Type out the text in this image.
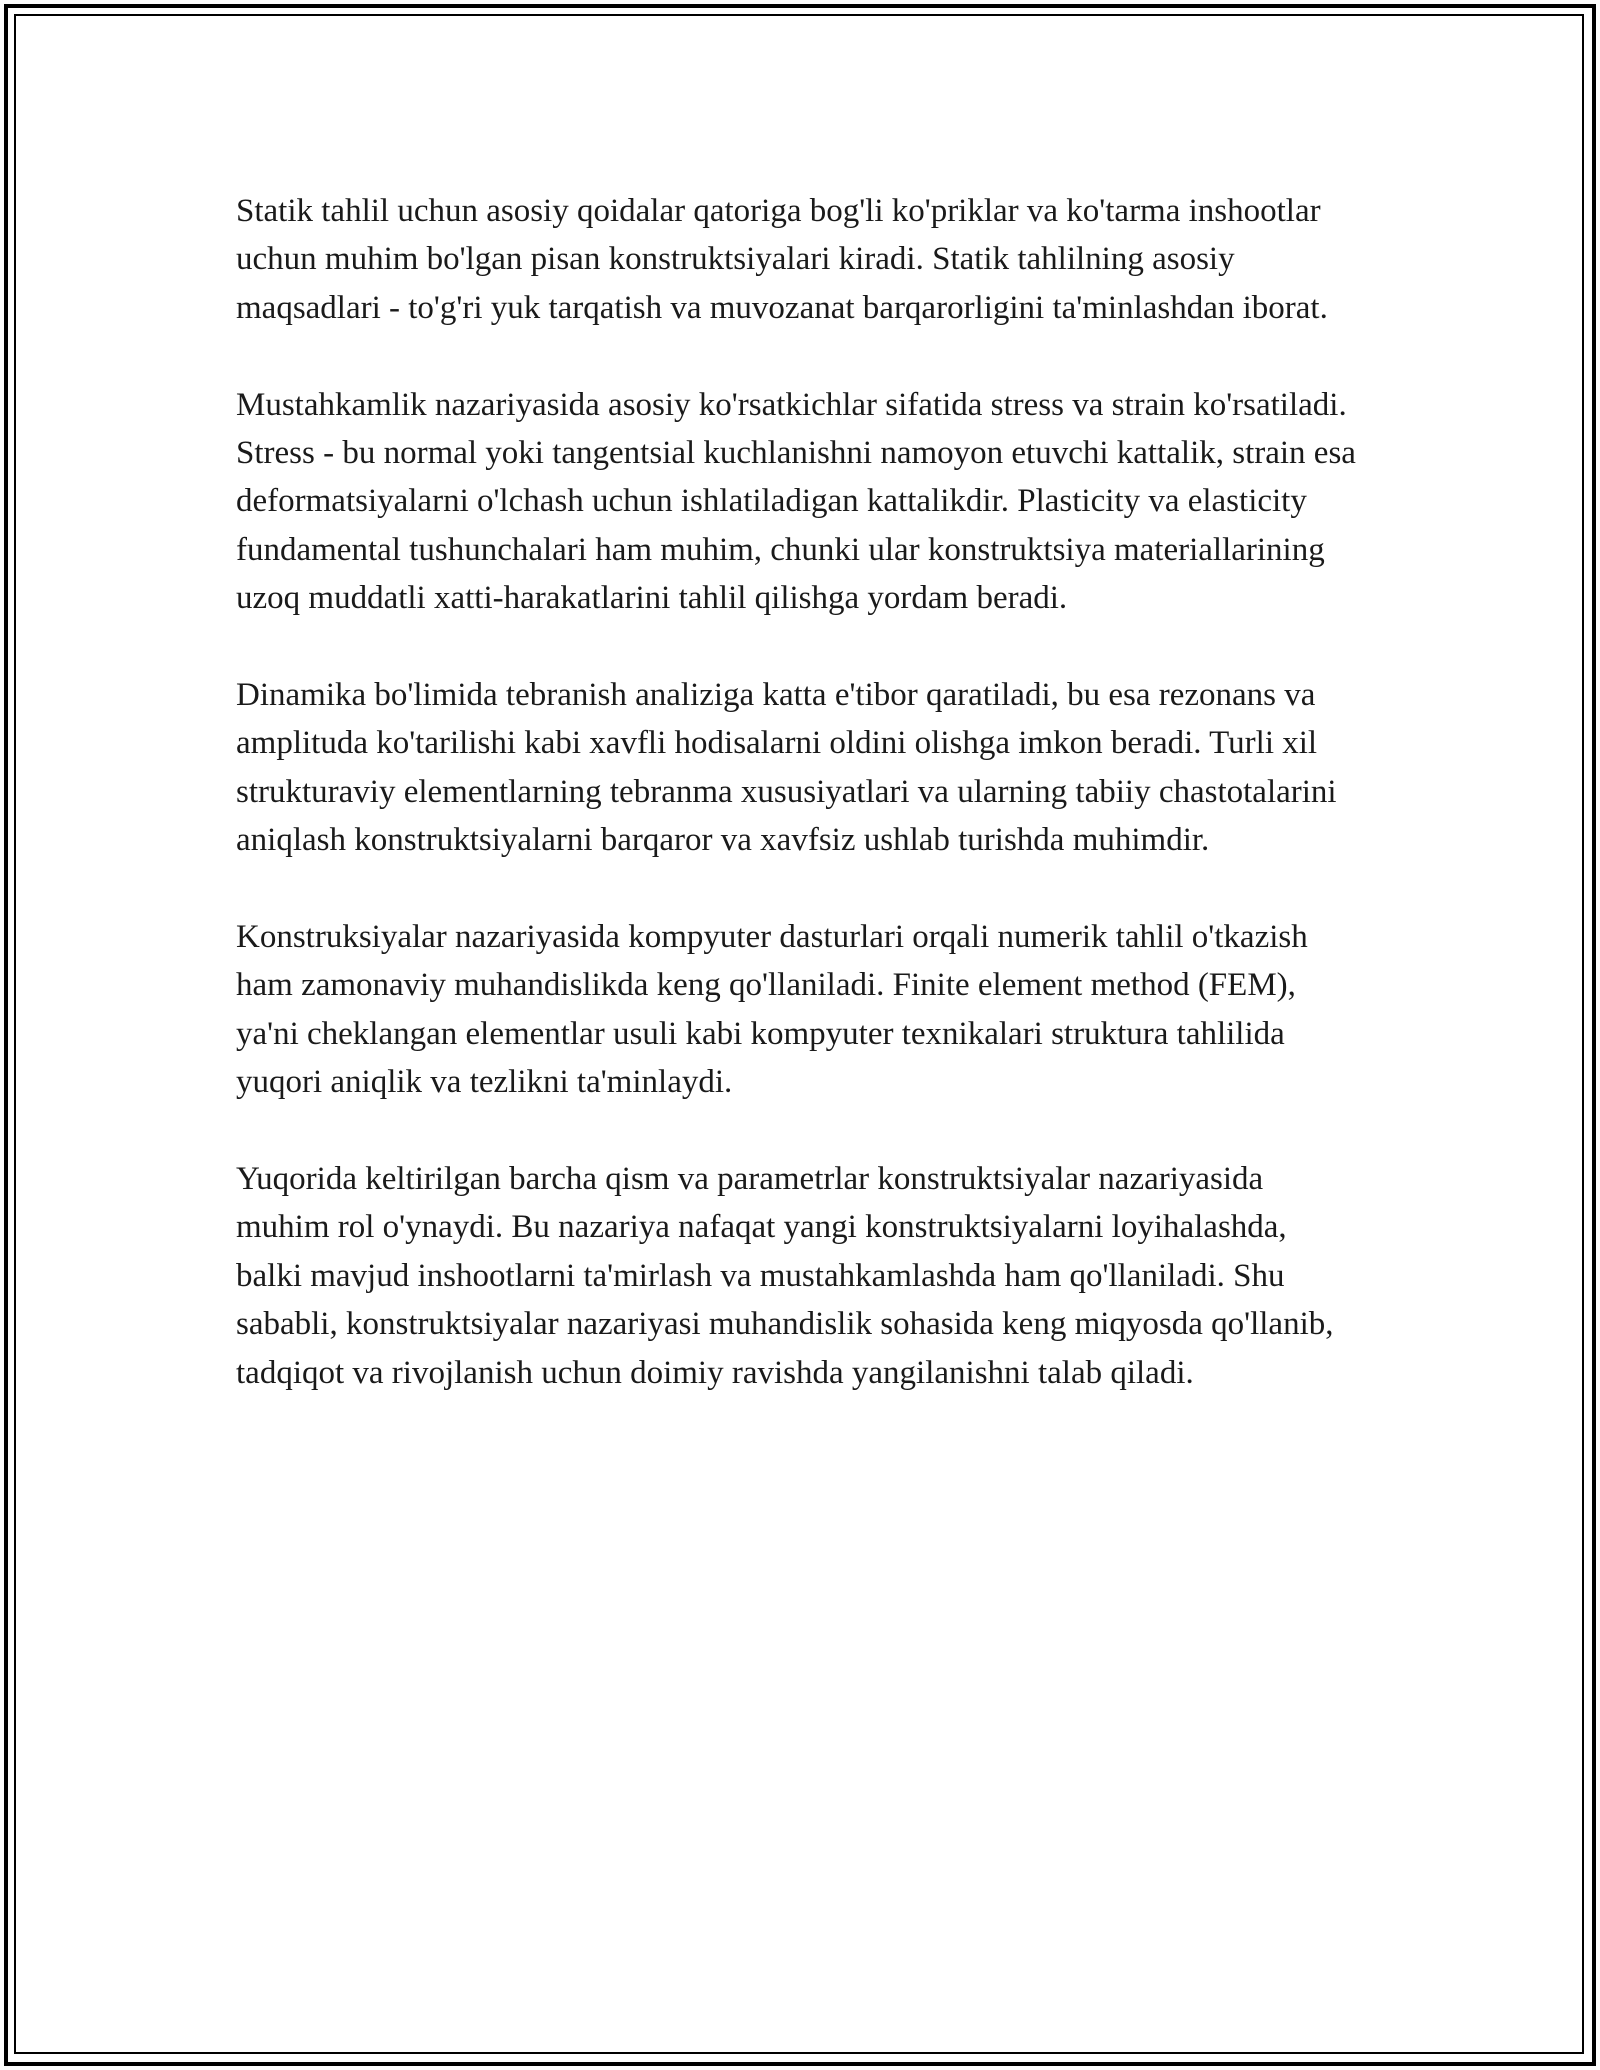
Statik tahlil uchun asosiy qoidalar qatoriga bog'li ko'priklar va ko'tarma inshootlar uchun muhim bo'lgan pisan konstruktsiyalari kiradi. Statik tahlilning asosiy maqsadlari - to'g'ri yuk tarqatish va muvozanat barqarorligini ta'minlashdan iborat.

Mustahkamlik nazariyasida asosiy ko'rsatkichlar sifatida stress va strain ko'rsatiladi. Stress - bu normal yoki tangentsial kuchlanishni namoyon etuvchi kattalik, strain esa deformatsiyalarni o'lchash uchun ishlatiladigan kattalikdir. Plasticity va elasticity fundamental tushunchalari ham muhim, chunki ular konstruktsiya materiallarining uzoq muddatli xatti-harakatlarini tahlil qilishga yordam beradi.

Dinamika bo'limida tebranish analiziga katta e'tibor qaratiladi, bu esa rezonans va amplituda ko'tarilishi kabi xavfli hodisalarni oldini olishga imkon beradi. Turli xil strukturaviy elementlarning tebranma xususiyatlari va ularning tabiiy chastotalarini aniqlash konstruktsiyalarni barqaror va xavfsiz ushlab turishda muhimdir.

Konstruksiyalar nazariyasida kompyuter dasturlari orqali numerik tahlil o'tkazish ham zamonaviy muhandislikda keng qo'llaniladi. Finite element method (FEM), ya'ni cheklangan elementlar usuli kabi kompyuter texnikalari struktura tahlilida yuqori aniqlik va tezlikni ta'minlaydi.

Yuqorida keltirilgan barcha qism va parametrlar konstruktsiyalar nazariyasida muhim rol o'ynaydi. Bu nazariya nafaqat yangi konstruktsiyalarni loyihalashda, balki mavjud inshootlarni ta'mirlash va mustahkamlashda ham qo'llaniladi. Shu sababli, konstruktsiyalar nazariyasi muhandislik sohasida keng miqyosda qo'llanib, tadqiqot va rivojlanish uchun doimiy ravishda yangilanishni talab qiladi.
